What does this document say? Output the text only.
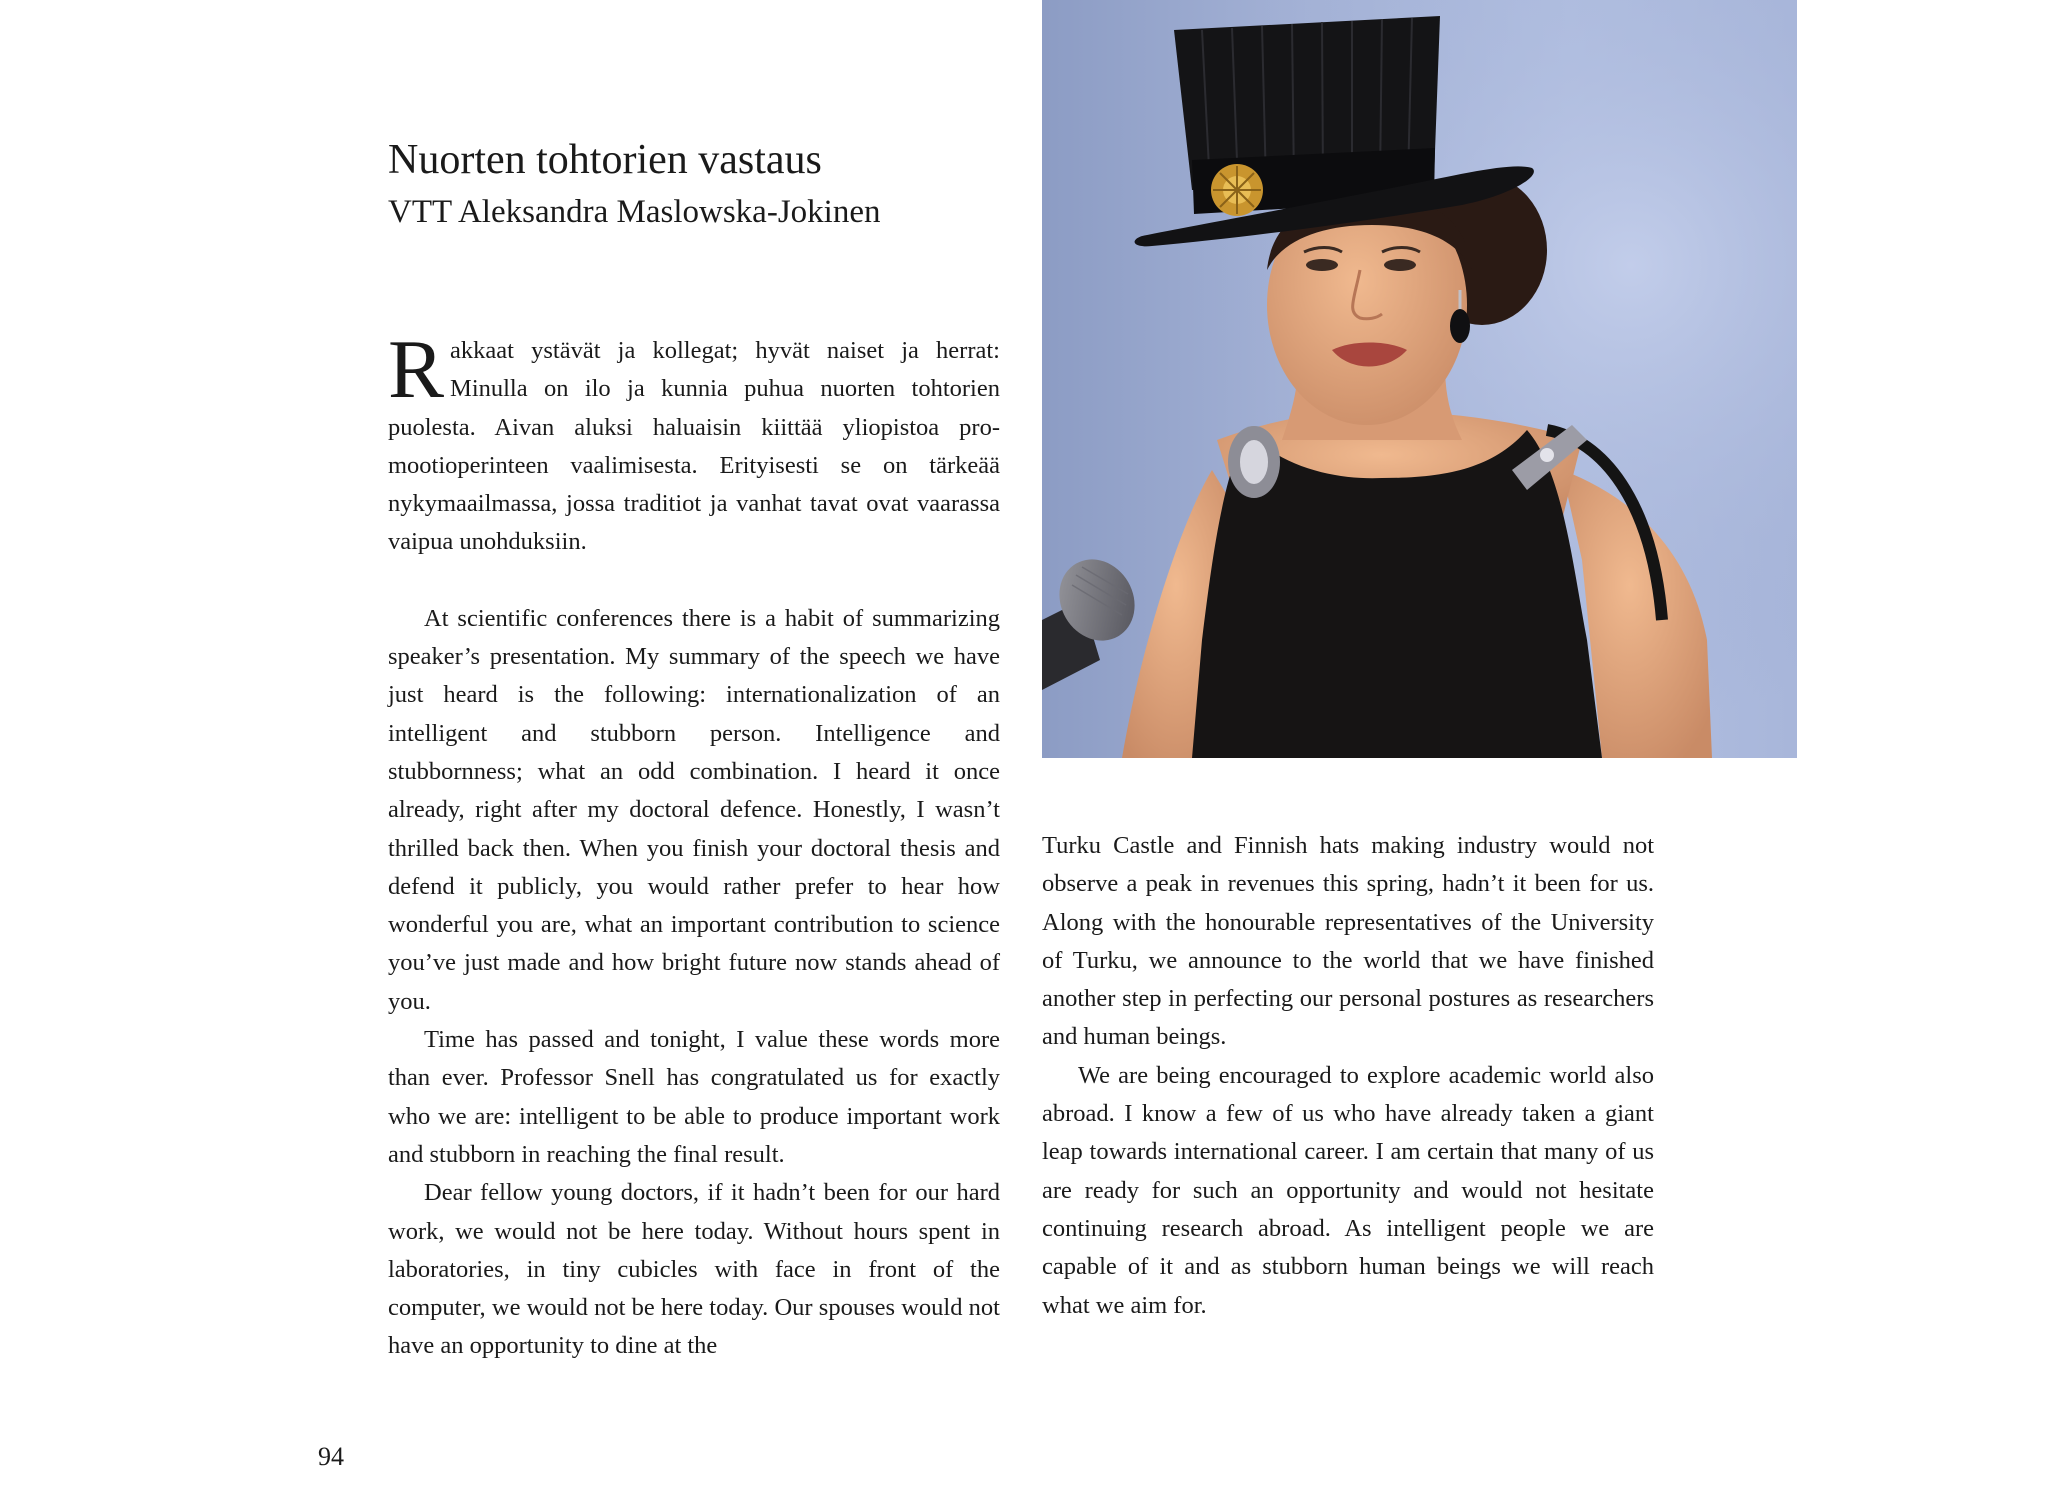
Nuorten tohtorien vastaus
VTT Aleksandra Maslowska-Jokinen

Rakkaat ystävät ja kollegat; hyvät naiset ja herrat: Minulla on ilo ja kunnia puhua nuorten tohtorien puolesta. Aivan aluksi haluaisin kiittää yliopistoa promootioperinteen vaalimisesta. Erityisesti se on tärkeää nykymaailmassa, jossa traditiot ja vanhat tavat ovat vaarassa vaipua unohduksiin.

At scientific conferences there is a habit of summarizing speaker’s presentation. My summary of the speech we have just heard is the following: internationalization of an intelligent and stubborn person. Intelligence and stubbornness; what an odd combination. I heard it once already, right after my doctoral defence. Honestly, I wasn’t thrilled back then. When you finish your doctoral thesis and defend it publicly, you would rather prefer to hear how wonderful you are, what an important contribution to science you’ve just made and how bright future now stands ahead of you.

Time has passed and tonight, I value these words more than ever. Professor Snell has congratulated us for exactly who we are: intelligent to be able to produce important work and stubborn in reaching the final result.

Dear fellow young doctors, if it hadn’t been for our hard work, we would not be here today. Without hours spent in laboratories, in tiny cubicles with face in front of the computer, we would not be here today. Our spouses would not have an opportunity to dine at the

Turku Castle and Finnish hats making industry would not observe a peak in revenues this spring, hadn’t it been for us. Along with the honourable representatives of the University of Turku, we announce to the world that we have finished another step in perfecting our personal postures as researchers and human beings.

We are being encouraged to explore academic world also abroad. I know a few of us who have already taken a giant leap towards international career. I am certain that many of us are ready for such an opportunity and would not hesitate continuing research abroad. As intelligent people we are capable of it and as stubborn human beings we will reach what we aim for.

94
